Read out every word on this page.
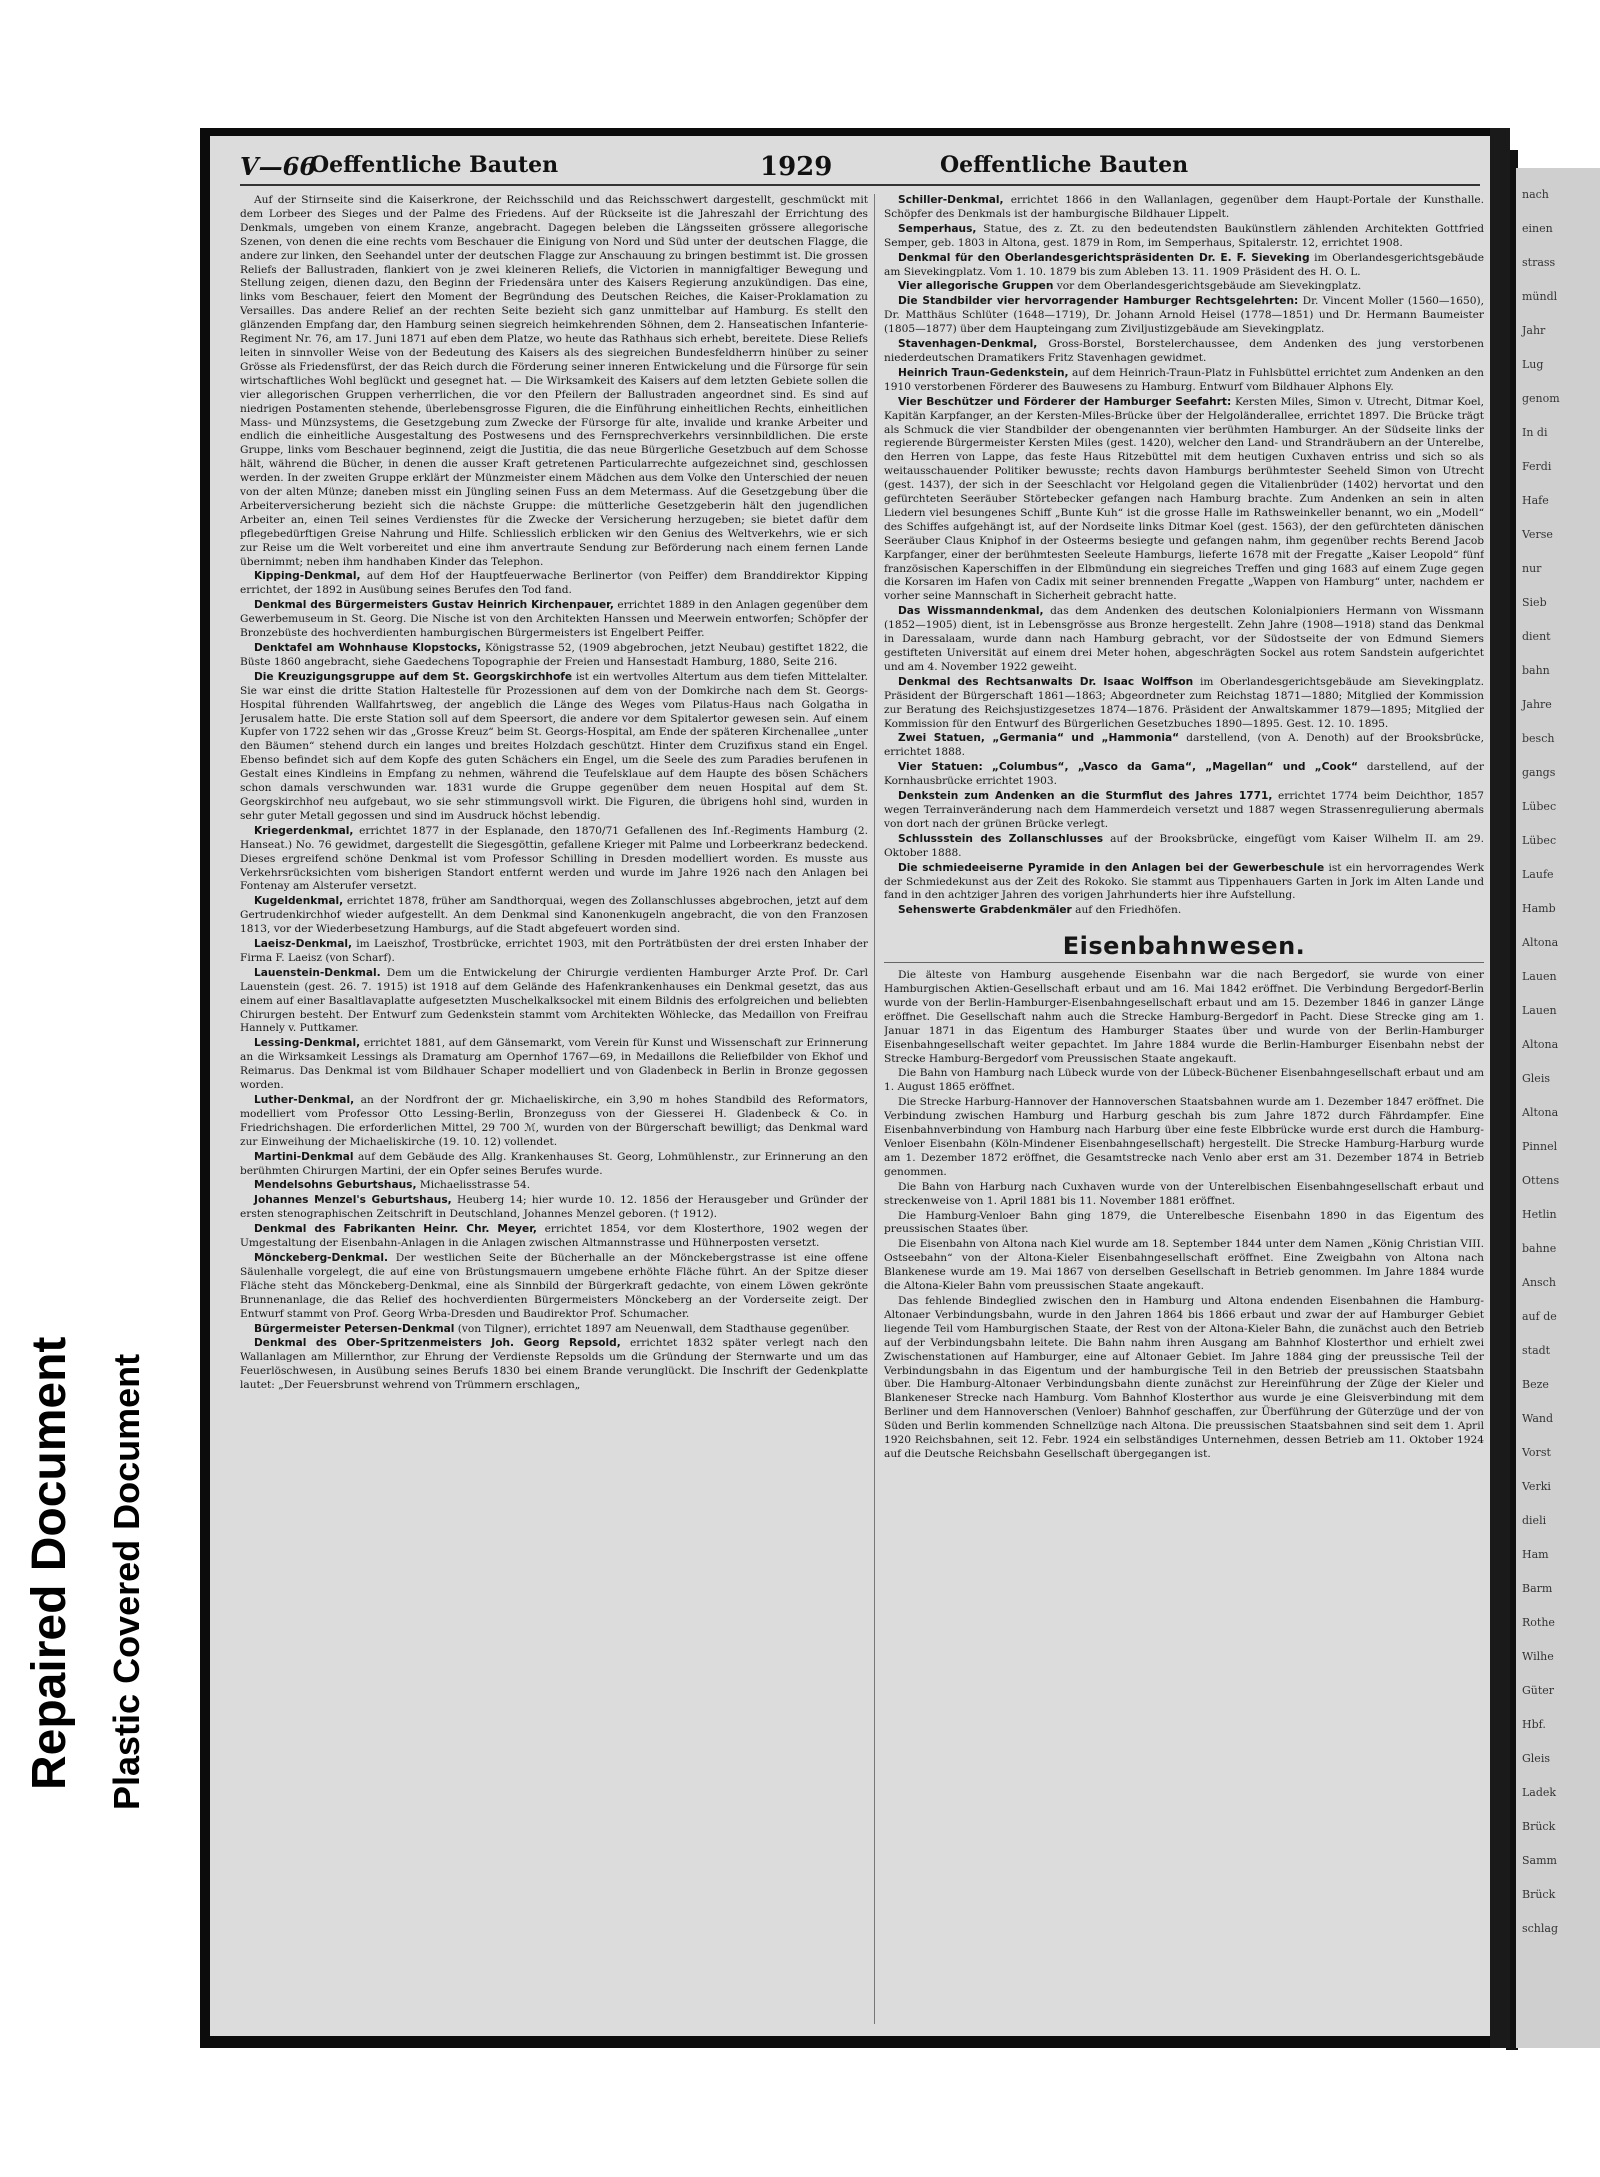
Repaired Document Plastic Covered Document
nach
einen
strass
mündl
Jahr
Lug
genom
In di
Ferdi
Hafe
Verse
nur
Sieb
dient
bahn
Jahre
besch
gangs
Lübec
Lübec
Laufe
Hamb
Altona
Lauen
Lauen
Altona
Gleis
Altona
Pinnel
Ottens
Hetlin
bahne
Ansch
auf de
stadt
Beze
Wand
Vorst
Verki
dieli
Ham
Barm
Rothe
Wilhe
Güter
Hbf.
Gleis
Ladek
Brück
Samm
Brück
schlag
V—66
Oeffentliche Bauten	1929	Oeffentliche Bauten

Auf der Stirnseite sind die Kaiserkrone, der Reichsschild und das Reichsschwert dargestellt, geschmückt mit dem Lorbeer des Sieges und der Palme des Friedens. Auf der Rückseite ist die Jahreszahl der Errichtung des Denkmals, umgeben von einem Kranze, angebracht. Dagegen beleben die Längsseiten grössere allegorische Szenen, von denen die eine rechts vom Beschauer die Einigung von Nord und Süd unter der deutschen Flagge, die andere zur linken, den Seehandel unter der deutschen Flagge zur Anschauung zu bringen bestimmt ist. Die grossen Reliefs der Ballustraden, flankiert von je zwei kleineren Reliefs, die Victorien in mannigfaltiger Bewegung und Stellung zeigen, dienen dazu, den Beginn der Friedensära unter des Kaisers Regierung anzukündigen. Das eine, links vom Beschauer, feiert den Moment der Begründung des Deutschen Reiches, die Kaiser-Proklamation zu Versailles. Das andere Relief an der rechten Seite bezieht sich ganz unmittelbar auf Hamburg. Es stellt den glänzenden Empfang dar, den Hamburg seinen siegreich heimkehrenden Söhnen, dem 2. Hanseatischen Infanterie-Regiment Nr. 76, am 17. Juni 1871 auf eben dem Platze, wo heute das Rathhaus sich erhebt, bereitete. Diese Reliefs leiten in sinnvoller Weise von der Bedeutung des Kaisers als des siegreichen Bundesfeldherrn hinüber zu seiner Grösse als Friedensfürst, der das Reich durch die Förderung seiner inneren Entwickelung und die Fürsorge für sein wirtschaftliches Wohl beglückt und gesegnet hat. — Die Wirksamkeit des Kaisers auf dem letzten Gebiete sollen die vier allegorischen Gruppen verherrlichen, die vor den Pfeilern der Ballustraden angeordnet sind. Es sind auf niedrigen Postamenten stehende, überlebensgrosse Figuren, die die Einführung einheitlichen Rechts, einheitlichen Mass- und Münzsystems, die Gesetzgebung zum Zwecke der Fürsorge für alte, invalide und kranke Arbeiter und endlich die einheitliche Ausgestaltung des Postwesens und des Fernsprechverkehrs versinnbildlichen. Die erste Gruppe, links vom Beschauer beginnend, zeigt die Justitia, die das neue Bürgerliche Gesetzbuch auf dem Schosse hält, während die Bücher, in denen die ausser Kraft getretenen Particularrechte aufgezeichnet sind, geschlossen werden. In der zweiten Gruppe erklärt der Münzmeister einem Mädchen aus dem Volke den Unterschied der neuen von der alten Münze; daneben misst ein Jüngling seinen Fuss an dem Metermass. Auf die Gesetzgebung über die Arbeiterversicherung bezieht sich die nächste Gruppe: die mütterliche Gesetzgeberin hält den jugendlichen Arbeiter an, einen Teil seines Verdienstes für die Zwecke der Versicherung herzugeben; sie bietet dafür dem pflegebedürftigen Greise Nahrung und Hilfe. Schliesslich erblicken wir den Genius des Weltverkehrs, wie er sich zur Reise um die Welt vorbereitet und eine ihm anvertraute Sendung zur Beförderung nach einem fernen Lande übernimmt; neben ihm handhaben Kinder das Telephon.

Kipping-Denkmal, auf dem Hof der Hauptfeuerwache Berlinertor (von Peiffer) dem Branddirektor Kipping errichtet, der 1892 in Ausübung seines Berufes den Tod fand.

Denkmal des Bürgermeisters Gustav Heinrich Kirchenpauer, errichtet 1889 in den Anlagen gegenüber dem Gewerbemuseum in St. Georg. Die Nische ist von den Architekten Hanssen und Meerwein entworfen; Schöpfer der Bronzebüste des hochverdienten hamburgischen Bürgermeisters ist Engelbert Peiffer.

Denktafel am Wohnhause Klopstocks, Königstrasse 52, (1909 abgebrochen, jetzt Neubau) gestiftet 1822, die Büste 1860 angebracht, siehe Gaedechens Topographie der Freien und Hansestadt Hamburg, 1880, Seite 216.

Die Kreuzigungsgruppe auf dem St. Georgskirchhofe ist ein wertvolles Altertum aus dem tiefen Mittelalter. Sie war einst die dritte Station Haltestelle für Prozessionen auf dem von der Domkirche nach dem St. Georgs-Hospital führenden Wallfahrtsweg, der angeblich die Länge des Weges vom Pilatus-Haus nach Golgatha in Jerusalem hatte. Die erste Station soll auf dem Speersort, die andere vor dem Spitalertor gewesen sein. Auf einem Kupfer von 1722 sehen wir das „Grosse Kreuz“ beim St. Georgs-Hospital, am Ende der späteren Kirchenallee „unter den Bäumen“ stehend durch ein langes und breites Holzdach geschützt. Hinter dem Cruzifixus stand ein Engel. Ebenso befindet sich auf dem Kopfe des guten Schächers ein Engel, um die Seele des zum Paradies berufenen in Gestalt eines Kindleins in Empfang zu nehmen, während die Teufelsklaue auf dem Haupte des bösen Schächers schon damals verschwunden war. 1831 wurde die Gruppe gegenüber dem neuen Hospital auf dem St. Georgskirchhof neu aufgebaut, wo sie sehr stimmungsvoll wirkt. Die Figuren, die übrigens hohl sind, wurden in sehr guter Metall gegossen und sind im Ausdruck höchst lebendig.

Kriegerdenkmal, errichtet 1877 in der Esplanade, den 1870/71 Gefallenen des Inf.-Regiments Hamburg (2. Hanseat.) No. 76 gewidmet, dargestellt die Siegesgöttin, gefallene Krieger mit Palme und Lorbeerkranz bedeckend. Dieses ergreifend schöne Denkmal ist vom Professor Schilling in Dresden modelliert worden. Es musste aus Verkehrsrücksichten vom bisherigen Standort entfernt werden und wurde im Jahre 1926 nach den Anlagen bei Fontenay am Alsterufer versetzt.

Kugeldenkmal, errichtet 1878, früher am Sandthorquai, wegen des Zollanschlusses abgebrochen, jetzt auf dem Gertrudenkirchhof wieder aufgestellt. An dem Denkmal sind Kanonenkugeln angebracht, die von den Franzosen 1813, vor der Wiederbesetzung Hamburgs, auf die Stadt abgefeuert worden sind.

Laeisz-Denkmal, im Laeiszhof, Trostbrücke, errichtet 1903, mit den Porträtbüsten der drei ersten Inhaber der Firma F. Laeisz (von Scharf).

Lauenstein-Denkmal. Dem um die Entwickelung der Chirurgie verdienten Hamburger Arzte Prof. Dr. Carl Lauenstein (gest. 26. 7. 1915) ist 1918 auf dem Gelände des Hafenkrankenhauses ein Denkmal gesetzt, das aus einem auf einer Basaltlavaplatte aufgesetzten Muschelkalksockel mit einem Bildnis des erfolgreichen und beliebten Chirurgen besteht. Der Entwurf zum Gedenkstein stammt vom Architekten Wöhlecke, das Medaillon von Freifrau Hannely v. Puttkamer.

Lessing-Denkmal, errichtet 1881, auf dem Gänsemarkt, vom Verein für Kunst und Wissenschaft zur Erinnerung an die Wirksamkeit Lessings als Dramaturg am Opernhof 1767—69, in Medaillons die Reliefbilder von Ekhof und Reimarus. Das Denkmal ist vom Bildhauer Schaper modelliert und von Gladenbeck in Berlin in Bronze gegossen worden.

Luther-Denkmal, an der Nordfront der gr. Michaeliskirche, ein 3,90 m hohes Standbild des Reformators, modelliert vom Professor Otto Lessing-Berlin, Bronzeguss von der Giesserei H. Gladenbeck & Co. in Friedrichshagen. Die erforderlichen Mittel, 29 700 ℳ, wurden von der Bürgerschaft bewilligt; das Denkmal ward zur Einweihung der Michaeliskirche (19. 10. 12) vollendet.

Martini-Denkmal auf dem Gebäude des Allg. Krankenhauses St. Georg, Lohmühlenstr., zur Erinnerung an den berühmten Chirurgen Martini, der ein Opfer seines Berufes wurde.

Mendelsohns Geburtshaus, Michaelisstrasse 54.

Johannes Menzel's Geburtshaus, Heuberg 14; hier wurde 10. 12. 1856 der Herausgeber und Gründer der ersten stenographischen Zeitschrift in Deutschland, Johannes Menzel geboren. († 1912).

Denkmal des Fabrikanten Heinr. Chr. Meyer, errichtet 1854, vor dem Klosterthore, 1902 wegen der Umgestaltung der Eisenbahn-Anlagen in die Anlagen zwischen Altmannstrasse und Hühnerposten versetzt.

Mönckeberg-Denkmal. Der westlichen Seite der Bücherhalle an der Mönckebergstrasse ist eine offene Säulenhalle vorgelegt, die auf eine von Brüstungsmauern umgebene erhöhte Fläche führt. An der Spitze dieser Fläche steht das Mönckeberg-Denkmal, eine als Sinnbild der Bürgerkraft gedachte, von einem Löwen gekrönte Brunnenanlage, die das Relief des hochverdienten Bürgermeisters Mönckeberg an der Vorderseite zeigt. Der Entwurf stammt von Prof. Georg Wrba-Dresden und Baudirektor Prof. Schumacher.

Bürgermeister Petersen-Denkmal (von Tilgner), errichtet 1897 am Neuenwall, dem Stadthause gegenüber.

Denkmal des Ober-Spritzenmeisters Joh. Georg Repsold, errichtet 1832 später verlegt nach den Wallanlagen am Millernthor, zur Ehrung der Verdienste Repsolds um die Gründung der Sternwarte und um das Feuerlöschwesen, in Ausübung seines Berufs 1830 bei einem Brande verunglückt. Die Inschrift der Gedenkplatte lautet: „Der Feuersbrunst wehrend von Trümmern erschlagen„

Schiller-Denkmal, errichtet 1866 in den Wallanlagen, gegenüber dem Haupt-Portale der Kunsthalle. Schöpfer des Denkmals ist der hamburgische Bildhauer Lippelt.

Semperhaus, Statue, des z. Zt. zu den bedeutendsten Baukünstlern zählenden Architekten Gottfried Semper, geb. 1803 in Altona, gest. 1879 in Rom, im Semperhaus, Spitalerstr. 12, errichtet 1908.

Denkmal für den Oberlandesgerichtspräsidenten Dr. E. F. Sieveking im Oberlandesgerichtsgebäude am Sievekingplatz. Vom 1. 10. 1879 bis zum Ableben 13. 11. 1909 Präsident des H. O. L.

Vier allegorische Gruppen vor dem Oberlandesgerichtsgebäude am Sievekingplatz.

Die Standbilder vier hervorragender Hamburger Rechtsgelehrten: Dr. Vincent Moller (1560—1650), Dr. Matthäus Schlüter (1648—1719), Dr. Johann Arnold Heisel (1778—1851) und Dr. Hermann Baumeister (1805—1877) über dem Haupteingang zum Ziviljustizgebäude am Sievekingplatz.

Stavenhagen-Denkmal, Gross-Borstel, Borstelerchaussee, dem Andenken des jung verstorbenen niederdeutschen Dramatikers Fritz Stavenhagen gewidmet.

Heinrich Traun-Gedenkstein, auf dem Heinrich-Traun-Platz in Fuhlsbüttel errichtet zum Andenken an den 1910 verstorbenen Förderer des Bauwesens zu Hamburg. Entwurf vom Bildhauer Alphons Ely.

Vier Beschützer und Förderer der Hamburger Seefahrt: Kersten Miles, Simon v. Utrecht, Ditmar Koel, Kapitän Karpfanger, an der Kersten-Miles-Brücke über der Helgoländerallee, errichtet 1897. Die Brücke trägt als Schmuck die vier Standbilder der obengenannten vier berühmten Hamburger. An der Südseite links der regierende Bürgermeister Kersten Miles (gest. 1420), welcher den Land- und Strandräubern an der Unterelbe, den Herren von Lappe, das feste Haus Ritzebüttel mit dem heutigen Cuxhaven entriss und sich so als weitausschauender Politiker bewusste; rechts davon Hamburgs berühmtester Seeheld Simon von Utrecht (gest. 1437), der sich in der Seeschlacht vor Helgoland gegen die Vitalienbrüder (1402) hervortat und den gefürchteten Seeräuber Störtebecker gefangen nach Hamburg brachte. Zum Andenken an sein in alten Liedern viel besungenes Schiff „Bunte Kuh“ ist die grosse Halle im Rathsweinkeller benannt, wo ein „Modell“ des Schiffes aufgehängt ist, auf der Nordseite links Ditmar Koel (gest. 1563), der den gefürchteten dänischen Seeräuber Claus Kniphof in der Osteerms besiegte und gefangen nahm, ihm gegenüber rechts Berend Jacob Karpfanger, einer der berühmtesten Seeleute Hamburgs, lieferte 1678 mit der Fregatte „Kaiser Leopold“ fünf französischen Kaperschiffen in der Elbmündung ein siegreiches Treffen und ging 1683 auf einem Zuge gegen die Korsaren im Hafen von Cadix mit seiner brennenden Fregatte „Wappen von Hamburg“ unter, nachdem er vorher seine Mannschaft in Sicherheit gebracht hatte.

Das Wissmanndenkmal, das dem Andenken des deutschen Kolonialpioniers Hermann von Wissmann (1852—1905) dient, ist in Lebensgrösse aus Bronze hergestellt. Zehn Jahre (1908—1918) stand das Denkmal in Daressalaam, wurde dann nach Hamburg gebracht, vor der Südostseite der von Edmund Siemers gestifteten Universität auf einem drei Meter hohen, abgeschrägten Sockel aus rotem Sandstein aufgerichtet und am 4. November 1922 geweiht.

Denkmal des Rechtsanwalts Dr. Isaac Wolffson im Oberlandesgerichtsgebäude am Sievekingplatz. Präsident der Bürgerschaft 1861—1863; Abgeordneter zum Reichstag 1871—1880; Mitglied der Kommission zur Beratung des Reichsjustizgesetzes 1874—1876. Präsident der Anwaltskammer 1879—1895; Mitglied der Kommission für den Entwurf des Bürgerlichen Gesetzbuches 1890—1895. Gest. 12. 10. 1895.

Zwei Statuen, „Germania“ und „Hammonia“ darstellend, (von A. Denoth) auf der Brooksbrücke, errichtet 1888.

Vier Statuen: „Columbus“, „Vasco da Gama“, „Magellan“ und „Cook“ darstellend, auf der Kornhausbrücke errichtet 1903.

Denkstein zum Andenken an die Sturmflut des Jahres 1771, errichtet 1774 beim Deichthor, 1857 wegen Terrainveränderung nach dem Hammerdeich versetzt und 1887 wegen Strassenregulierung abermals von dort nach der grünen Brücke verlegt.

Schlussstein des Zollanschlusses auf der Brooksbrücke, eingefügt vom Kaiser Wilhelm II. am 29. Oktober 1888.

Die schmiedeeiserne Pyramide in den Anlagen bei der Gewerbeschule ist ein hervorragendes Werk der Schmiedekunst aus der Zeit des Rokoko. Sie stammt aus Tippenhauers Garten in Jork im Alten Lande und fand in den achtziger Jahren des vorigen Jahrhunderts hier ihre Aufstellung.

Sehenswerte Grabdenkmäler auf den Friedhöfen.

Eisenbahnwesen.

Die älteste von Hamburg ausgehende Eisenbahn war die nach Bergedorf, sie wurde von einer Hamburgischen Aktien-Gesellschaft erbaut und am 16. Mai 1842 eröffnet. Die Verbindung Bergedorf-Berlin wurde von der Berlin-Hamburger-Eisenbahngesellschaft erbaut und am 15. Dezember 1846 in ganzer Länge eröffnet. Die Gesellschaft nahm auch die Strecke Hamburg-Bergedorf in Pacht. Diese Strecke ging am 1. Januar 1871 in das Eigentum des Hamburger Staates über und wurde von der Berlin-Hamburger Eisenbahngesellschaft weiter gepachtet. Im Jahre 1884 wurde die Berlin-Hamburger Eisenbahn nebst der Strecke Hamburg-Bergedorf vom Preussischen Staate angekauft.

Die Bahn von Hamburg nach Lübeck wurde von der Lübeck-Büchener Eisenbahngesellschaft erbaut und am 1. August 1865 eröffnet.

Die Strecke Harburg-Hannover der Hannoverschen Staatsbahnen wurde am 1. Dezember 1847 eröffnet. Die Verbindung zwischen Hamburg und Harburg geschah bis zum Jahre 1872 durch Fährdampfer. Eine Eisenbahnverbindung von Hamburg nach Harburg über eine feste Elbbrücke wurde erst durch die Hamburg-Venloer Eisenbahn (Köln-Mindener Eisenbahngesellschaft) hergestellt. Die Strecke Hamburg-Harburg wurde am 1. Dezember 1872 eröffnet, die Gesamtstrecke nach Venlo aber erst am 31. Dezember 1874 in Betrieb genommen.

Die Bahn von Harburg nach Cuxhaven wurde von der Unterelbischen Eisenbahngesellschaft erbaut und streckenweise von 1. April 1881 bis 11. November 1881 eröffnet.

Die Hamburg-Venloer Bahn ging 1879, die Unterelbesche Eisenbahn 1890 in das Eigentum des preussischen Staates über.

Die Eisenbahn von Altona nach Kiel wurde am 18. September 1844 unter dem Namen „König Christian VIII. Ostseebahn“ von der Altona-Kieler Eisenbahngesellschaft eröffnet. Eine Zweigbahn von Altona nach Blankenese wurde am 19. Mai 1867 von derselben Gesellschaft in Betrieb genommen. Im Jahre 1884 wurde die Altona-Kieler Bahn vom preussischen Staate angekauft.

Das fehlende Bindeglied zwischen den in Hamburg und Altona endenden Eisenbahnen die Hamburg-Altonaer Verbindungsbahn, wurde in den Jahren 1864 bis 1866 erbaut und zwar der auf Hamburger Gebiet liegende Teil vom Hamburgischen Staate, der Rest von der Altona-Kieler Bahn, die zunächst auch den Betrieb auf der Verbindungsbahn leitete. Die Bahn nahm ihren Ausgang am Bahnhof Klosterthor und erhielt zwei Zwischenstationen auf Hamburger, eine auf Altonaer Gebiet. Im Jahre 1884 ging der preussische Teil der Verbindungsbahn in das Eigentum und der hamburgische Teil in den Betrieb der preussischen Staatsbahn über. Die Hamburg-Altonaer Verbindungsbahn diente zunächst zur Hereinführung der Züge der Kieler und Blankeneser Strecke nach Hamburg. Vom Bahnhof Klosterthor aus wurde je eine Gleisverbindung mit dem Berliner und dem Hannoverschen (Venloer) Bahnhof geschaffen, zur Überführung der Güterzüge und der von Süden und Berlin kommenden Schnellzüge nach Altona. Die preussischen Staatsbahnen sind seit dem 1. April 1920 Reichsbahnen, seit 12. Febr. 1924 ein selbständiges Unternehmen, dessen Betrieb am 11. Oktober 1924 auf die Deutsche Reichsbahn Gesellschaft übergegangen ist.
